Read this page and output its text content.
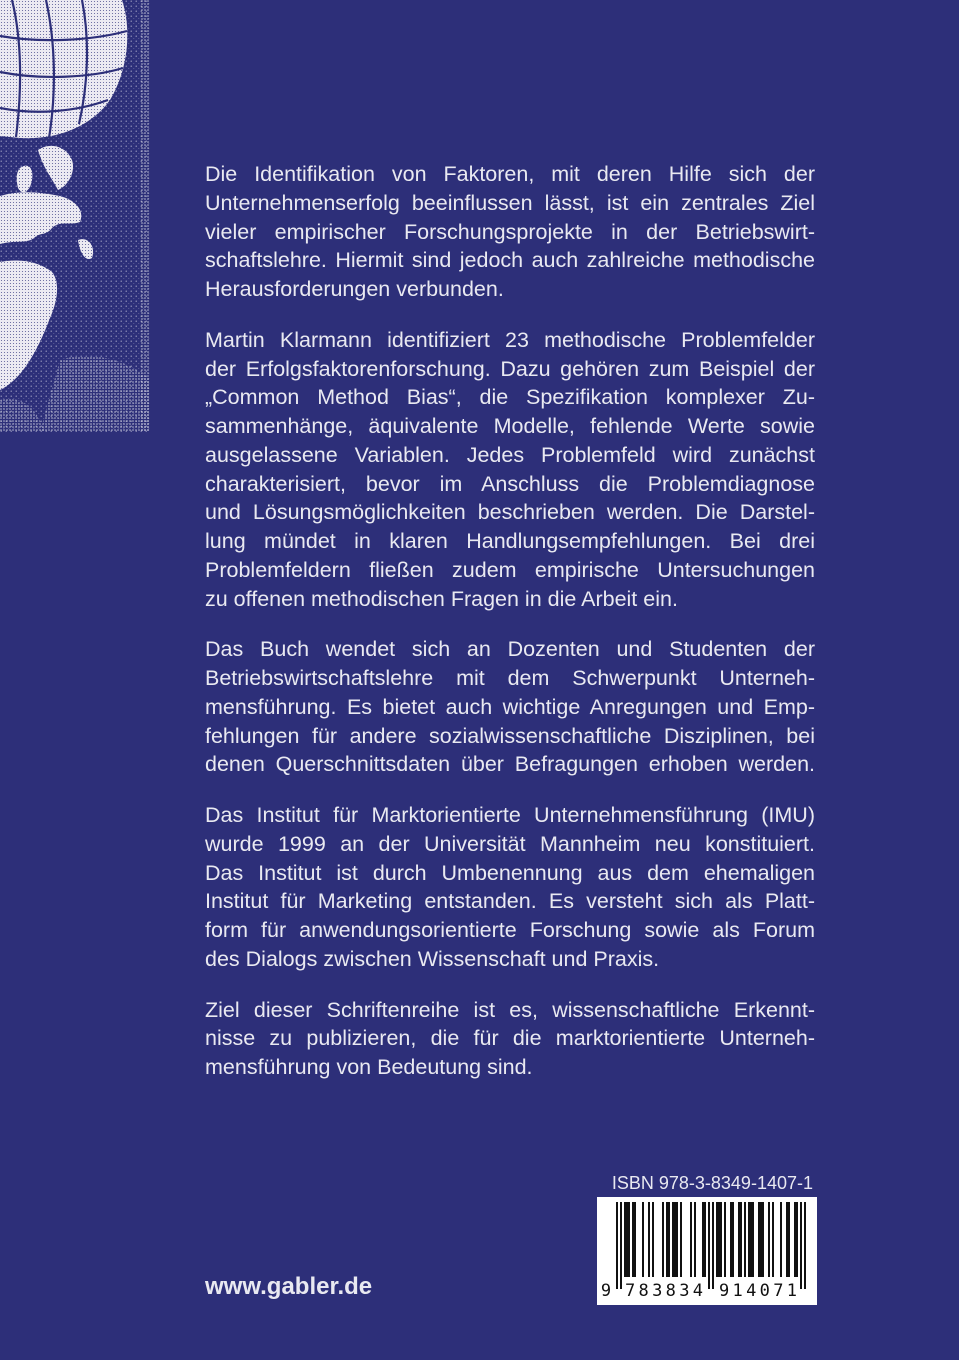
Die Identifikation von Faktoren, mit deren Hilfe sich der
Unternehmenserfolg beeinflussen lässt, ist ein zentrales Ziel
vieler empirischer Forschungsprojekte in der Betriebswirt-
schaftslehre. Hiermit sind jedoch auch zahlreiche methodische
Herausforderungen verbunden.
Martin Klarmann identifiziert 23 methodische Problemfelder
der Erfolgsfaktorenforschung. Dazu gehören zum Beispiel der
„Common Method Bias“, die Spezifikation komplexer Zu-
sammenhänge, äquivalente Modelle, fehlende Werte sowie
ausgelassene Variablen. Jedes Problemfeld wird zunächst
charakterisiert, bevor im Anschluss die Problemdiagnose
und Lösungsmöglichkeiten beschrieben werden. Die Darstel-
lung mündet in klaren Handlungsempfehlungen. Bei drei
Problemfeldern fließen zudem empirische Untersuchungen
zu offenen methodischen Fragen in die Arbeit ein.
Das Buch wendet sich an Dozenten und Studenten der
Betriebswirtschaftslehre mit dem Schwerpunkt Unterneh-
mensführung. Es bietet auch wichtige Anregungen und Emp-
fehlungen für andere sozialwissenschaftliche Disziplinen, bei
denen Querschnittsdaten über Befragungen erhoben werden.
Das Institut für Marktorientierte Unternehmensführung (IMU)
wurde 1999 an der Universität Mannheim neu konstituiert.
Das Institut ist durch Umbenennung aus dem ehemaligen
Institut für Marketing entstanden. Es versteht sich als Platt-
form für anwendungsorientierte Forschung sowie als Forum
des Dialogs zwischen Wissenschaft und Praxis.
Ziel dieser Schriftenreihe ist es, wissenschaftliche Erkennt-
nisse zu publizieren, die für die marktorientierte Unterneh-
mensführung von Bedeutung sind.
ISBN 978-3-8349-1407-1
9 783834 914071
www.gabler.de
